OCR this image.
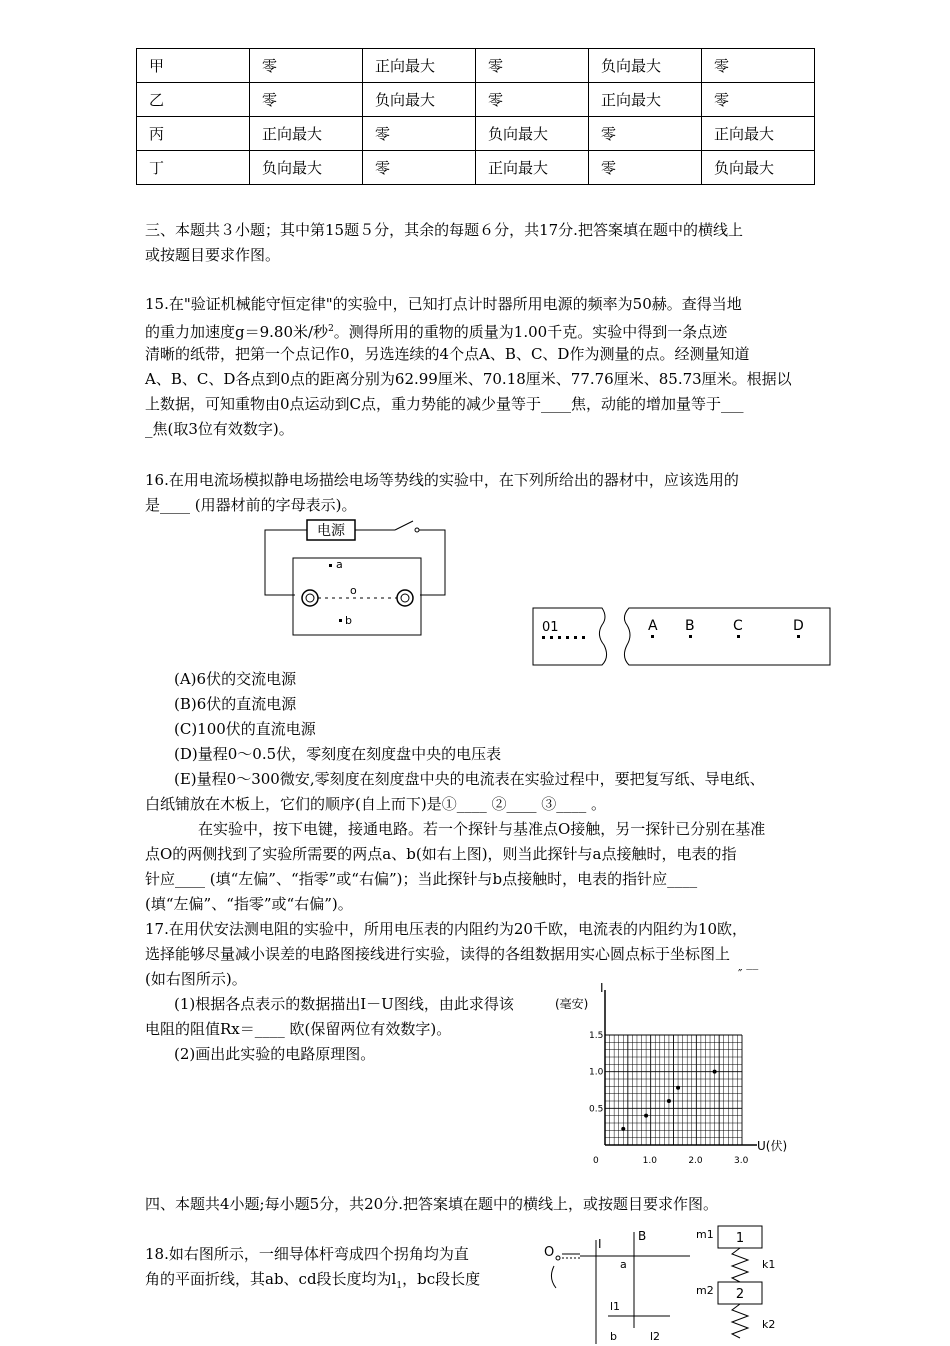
甲	零	正向最大	零	负向最大	零
乙	零	负向最大	零	正向最大	零
丙	正向最大	零	负向最大	零	正向最大
丁	负向最大	零	正向最大	零	负向最大
三、本题共３小题；其中第15题５分，其余的每题６分，共17分.把答案填在题中的横线上
或按题目要求作图。
15.在"验证机械能守恒定律"的实验中，已知打点计时器所用电源的频率为50赫。查得当地
的重力加速度g＝9.80米/秒$^2$。测得所用的重物的质量为1.00千克。实验中得到一条点迹
清晰的纸带，把第一个点记作0，另选连续的4个点A、B、C、D作为测量的点。经测量知道
A、B、C、D各点到0点的距离分别为62.99厘米、70.18厘米、77.76厘米、85.73厘米。根据以
上数据，可知重物由0点运动到C点，重力势能的减少量等于____焦，动能的增加量等于___
_焦(取3位有效数字)。
16.在用电流场模拟静电场描绘电场等势线的实验中，在下列所给出的器材中，应该选用的
是____ (用器材前的字母表示)。
电源
a
o
b	01	A B	C	D
(A)6伏的交流电源
(B)6伏的直流电源
(C)100伏的直流电源
(D)量程0～0.5伏，零刻度在刻度盘中央的电压表
(E)量程0～300微安,零刻度在刻度盘中央的电流表在实验过程中，要把复写纸、导电纸、
白纸铺放在木板上，它们的顺序(自上而下)是①____ ②____ ③____ 。
在实验中，按下电键，接通电路。若一个探针与基准点O接触，另一探针已分别在基准
点O的两侧找到了实验所需要的两点a、b(如右上图)，则当此探针与a点接触时，电表的指
针应____ (填“左偏”、“指零”或“右偏”)；当此探针与b点接触时，电表的指针应____
(填“左偏”、“指零”或“右偏”)。
17.在用伏安法测电阻的实验中，所用电压表的内阻约为20千欧，电流表的内阻约为10欧，
选择能够尽量减小误差的电路图接线进行实验，读得的各组数据用实心圆点标于坐标图上
(如右图所示)。	″ ‾‾
(1)根据各点表示的数据描出I－U图线，由此求得该
电阻的阻值Rx＝____ 欧(保留两位有效数字)。
(2)画出此实验的电路原理图。
I
(毫安)
U(伏)
0	1.0	2.0	3.0
0.5
1.0
1.5
四、本题共4小题;每小题5分，共20分.把答案填在题中的横线上，或按题目要求作图。
18.如右图所示，一细导体杆弯成四个拐角均为直
角的平面折线，其ab、cd段长度均为$l_1$，bc段长度
O
I
B
a
l1
b	l2
m1 1
k1
m2 2
k2
